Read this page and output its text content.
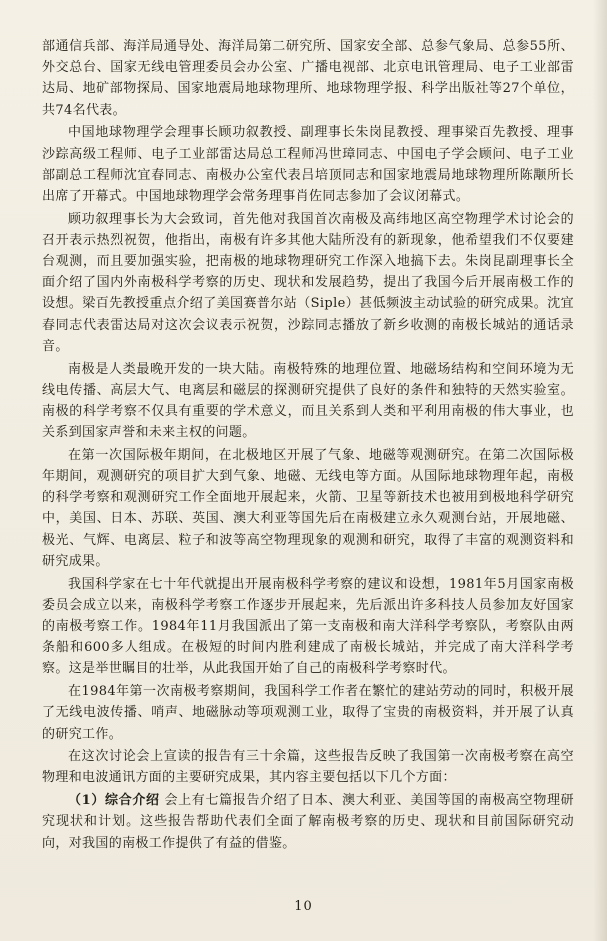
部通信兵部、海洋局通导处、海洋局第二研究所、国家安全部、总参气象局、总参55所、外交总台、国家无线电管理委员会办公室、广播电视部、北京电讯管理局、电子工业部雷达局、地矿部物探局、国家地震局地球物理所、地球物理学报、科学出版社等27个单位，共74名代表。

中国地球物理学会理事长顾功叙教授、副理事长朱岗昆教授、理事梁百先教授、理事沙踪高级工程师、电子工业部雷达局总工程师冯世璋同志、中国电子学会顾问、电子工业部副总工程师沈宜春同志、南极办公室代表吕培顶同志和国家地震局地球物理所陈颙所长出席了开幕式。中国地球物理学会常务理事肖佐同志参加了会议闭幕式。

顾功叙理事长为大会致词，首先他对我国首次南极及高纬地区高空物理学术讨论会的召开表示热烈祝贺，他指出，南极有许多其他大陆所没有的新现象，他希望我们不仅要建台观测，而且要加强实验，把南极的地球物理研究工作深入地搞下去。朱岗昆副理事长全面介绍了国内外南极科学考察的历史、现状和发展趋势，提出了我国今后开展南极工作的设想。梁百先教授重点介绍了美国赛普尔站（Siple）甚低频波主动试验的研究成果。沈宜春同志代表雷达局对这次会议表示祝贺，沙踪同志播放了新乡收测的南极长城站的通话录音。

南极是人类最晚开发的一块大陆。南极特殊的地理位置、地磁场结构和空间环境为无线电传播、高层大气、电离层和磁层的探测研究提供了良好的条件和独特的天然实验室。南极的科学考察不仅具有重要的学术意义，而且关系到人类和平利用南极的伟大事业，也关系到国家声誉和未来主权的问题。

在第一次国际极年期间，在北极地区开展了气象、地磁等观测研究。在第二次国际极年期间，观测研究的项目扩大到气象、地磁、无线电等方面。从国际地球物理年起，南极的科学考察和观测研究工作全面地开展起来，火箭、卫星等新技术也被用到极地科学研究中，美国、日本、苏联、英国、澳大利亚等国先后在南极建立永久观测台站，开展地磁、极光、气辉、电离层、粒子和波等高空物理现象的观测和研究，取得了丰富的观测资料和研究成果。

我国科学家在七十年代就提出开展南极科学考察的建议和设想，1981年5月国家南极委员会成立以来，南极科学考察工作逐步开展起来，先后派出许多科技人员参加友好国家的南极考察工作。1984年11月我国派出了第一支南极和南大洋科学考察队，考察队由两条船和600多人组成。在极短的时间内胜利建成了南极长城站，并完成了南大洋科学考察。这是举世瞩目的壮举，从此我国开始了自己的南极科学考察时代。

在1984年第一次南极考察期间，我国科学工作者在繁忙的建站劳动的同时，积极开展了无线电波传播、哨声、地磁脉动等项观测工业，取得了宝贵的南极资料，并开展了认真的研究工作。

在这次讨论会上宣读的报告有三十余篇，这些报告反映了我国第一次南极考察在高空物理和电波通讯方面的主要研究成果，其内容主要包括以下几个方面：

（1）综合介绍 会上有七篇报告介绍了日本、澳大利亚、美国等国的南极高空物理研究现状和计划。这些报告帮助代表们全面了解南极考察的历史、现状和目前国际研究动向，对我国的南极工作提供了有益的借鉴。

10
